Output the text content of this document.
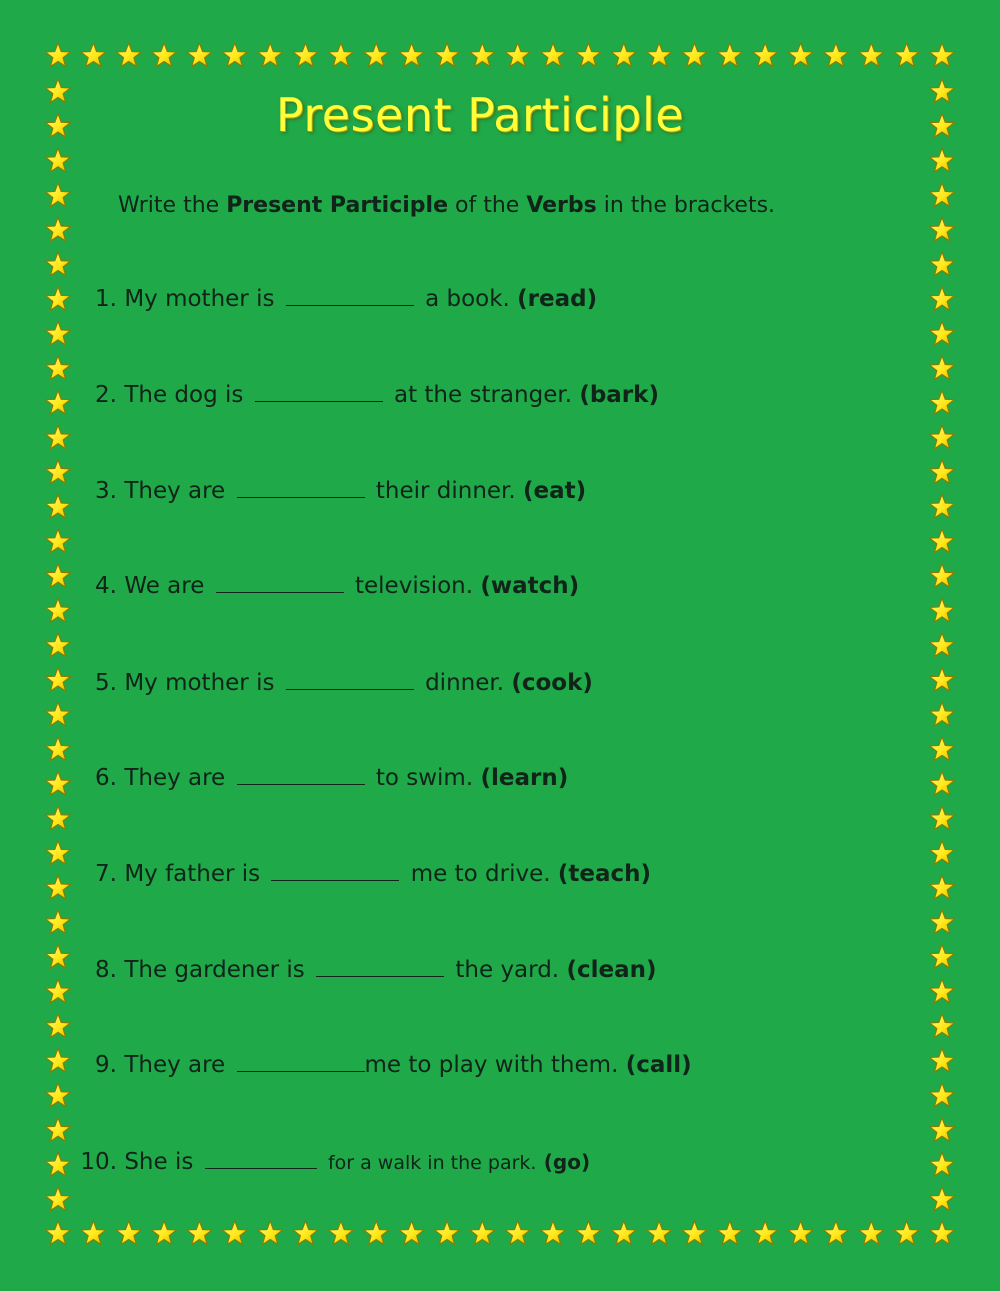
Present Participle
Write the Present Participle of the Verbs in the brackets.
1. My mother is	a book. (read)
2. The dog is	at the stranger. (bark)
3. They are	their dinner. (eat)
4. We are	television. (watch)
5. My mother is	dinner. (cook)
6. They are	to swim. (learn)
7. My father is	me to drive. (teach)
8. The gardener is	the yard. (clean)
9. They are	me to play with them. (call)
10. She is	for a walk in the park. (go)
